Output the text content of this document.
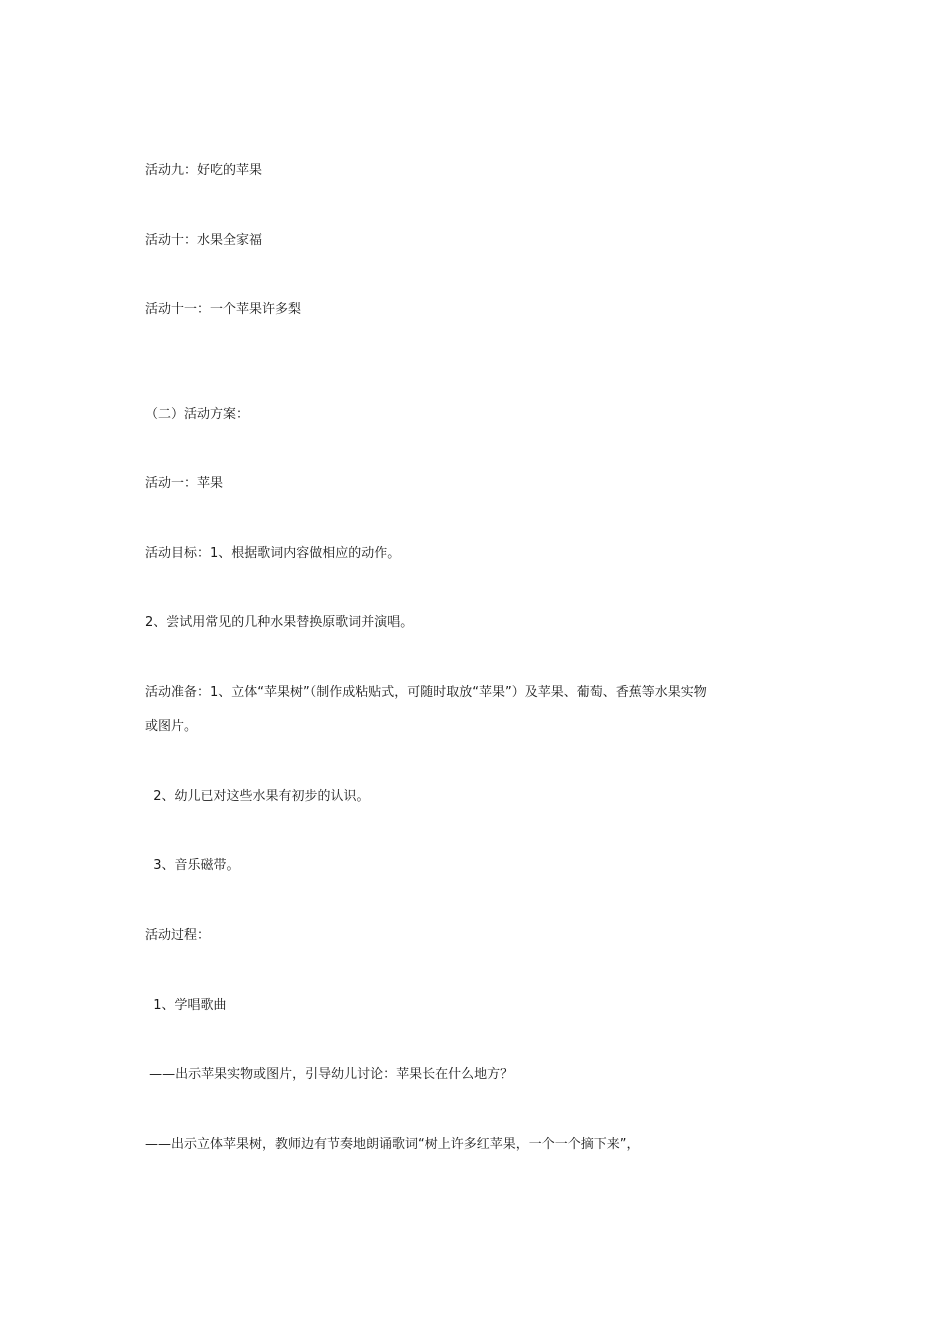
活动九：好吃的苹果

活动十：水果全家福

活动十一：一个苹果许多梨

（二）活动方案：

活动一：苹果

活动目标：1、根据歌词内容做相应的动作。

2、尝试用常见的几种水果替换原歌词并演唱。

活动准备：1、立体“苹果树”（制作成粘贴式，可随时取放“苹果”）及苹果、葡萄、香蕉等水果实物

或图片。

2、幼儿已对这些水果有初步的认识。

3、音乐磁带。

活动过程：

1、学唱歌曲

——出示苹果实物或图片，引导幼儿讨论：苹果长在什么地方？

——出示立体苹果树，教师边有节奏地朗诵歌词“树上许多红苹果，一个一个摘下来”，
